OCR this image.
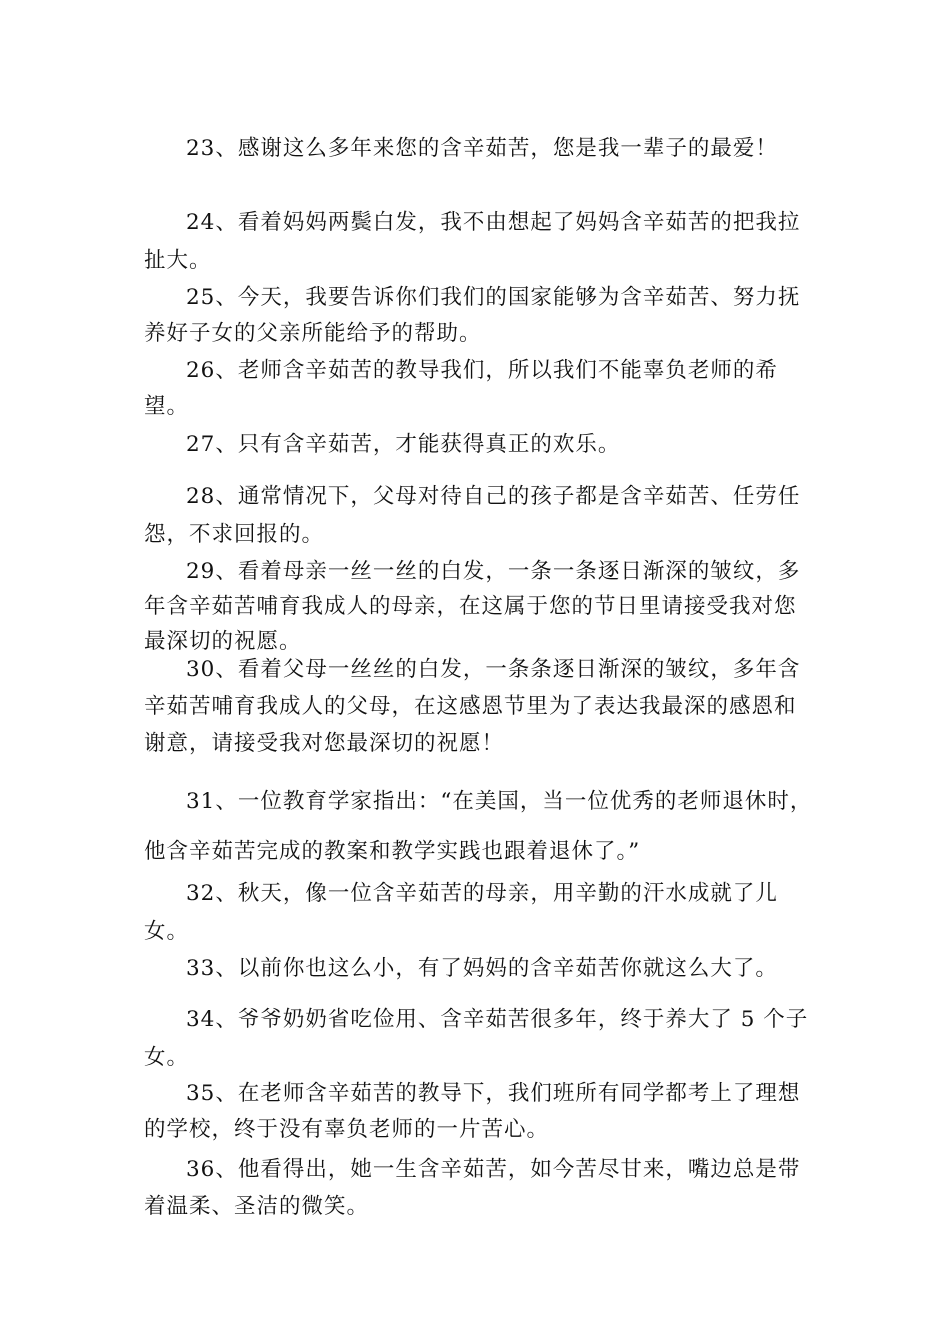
23、感谢这么多年来您的含辛茹苦，您是我一辈子的最爱！

24、看着妈妈两鬓白发，我不由想起了妈妈含辛茹苦的把我拉扯大。

25、今天，我要告诉你们我们的国家能够为含辛茹苦、努力抚养好子女的父亲所能给予的帮助。

26、老师含辛茹苦的教导我们，所以我们不能辜负老师的希望。

27、只有含辛茹苦，才能获得真正的欢乐。

28、通常情况下，父母对待自己的孩子都是含辛茹苦、任劳任怨，不求回报的。

29、看着母亲一丝一丝的白发，一条一条逐日渐深的皱纹，多年含辛茹苦哺育我成人的母亲，在这属于您的节日里请接受我对您最深切的祝愿。

30、看着父母一丝丝的白发，一条条逐日渐深的皱纹，多年含辛茹苦哺育我成人的父母，在这感恩节里为了表达我最深的感恩和谢意，请接受我对您最深切的祝愿！

31、一位教育学家指出：“在美国，当一位优秀的老师退休时，他含辛茹苦完成的教案和教学实践也跟着退休了。”

32、秋天，像一位含辛茹苦的母亲，用辛勤的汗水成就了儿女。

33、以前你也这么小，有了妈妈的含辛茹苦你就这么大了。

34、爷爷奶奶省吃俭用、含辛茹苦很多年，终于养大了 5 个子女。

35、在老师含辛茹苦的教导下，我们班所有同学都考上了理想的学校，终于没有辜负老师的一片苦心。

36、他看得出，她一生含辛茹苦，如今苦尽甘来，嘴边总是带着温柔、圣洁的微笑。
